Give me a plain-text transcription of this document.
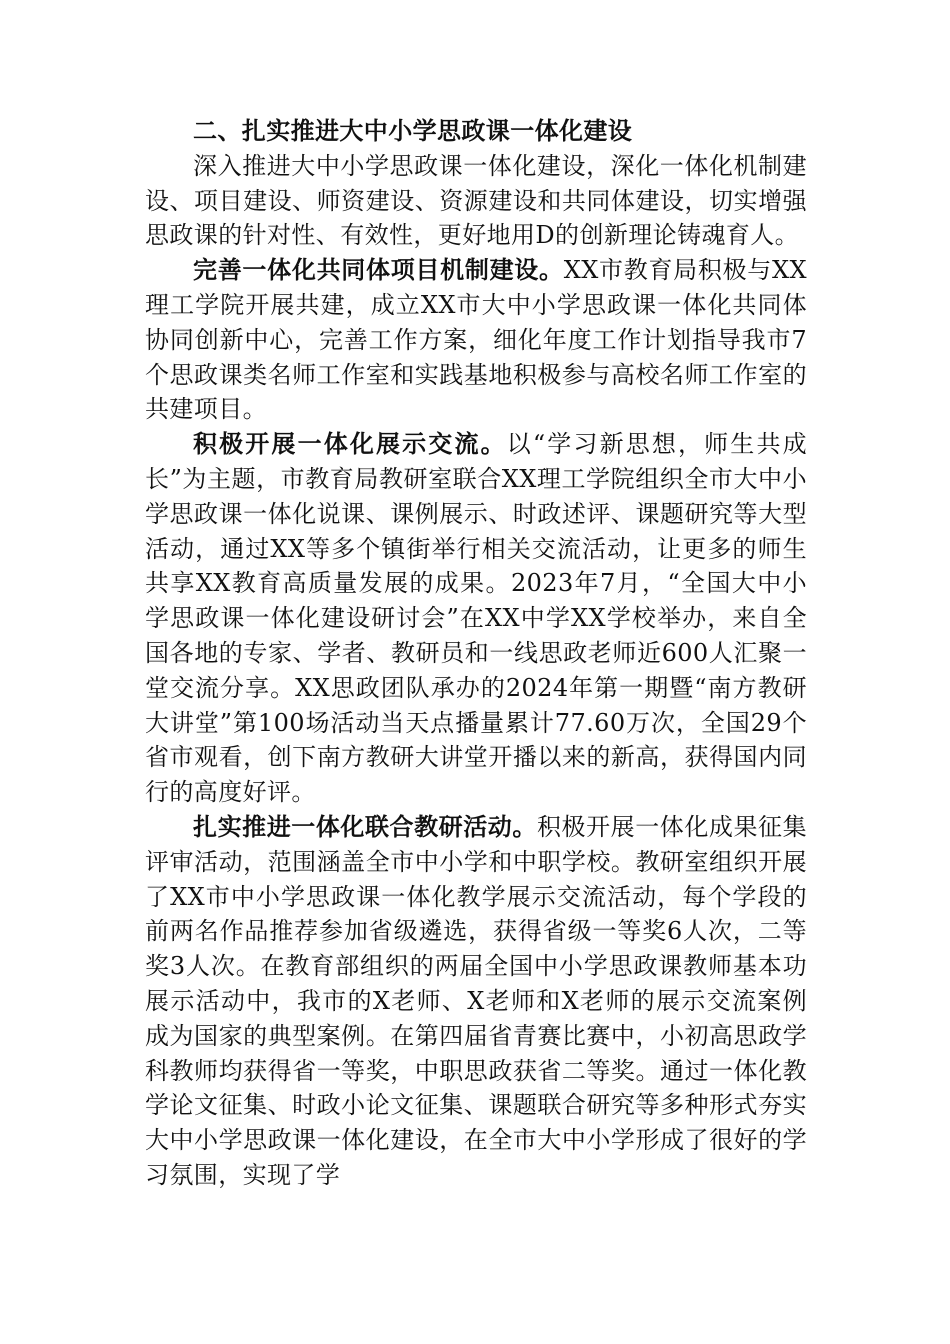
二、扎实推进大中小学思政课一体化建设

深入推进大中小学思政课一体化建设，深化一体化机制建设、项目建设、师资建设、资源建设和共同体建设，切实增强思政课的针对性、有效性，更好地用D的创新理论铸魂育人。

完善一体化共同体项目机制建设。XX市教育局积极与XX理工学院开展共建，成立XX市大中小学思政课一体化共同体协同创新中心，完善工作方案，细化年度工作计划指导我市7个思政课类名师工作室和实践基地积极参与高校名师工作室的共建项目。

积极开展一体化展示交流。以“学习新思想，师生共成长”为主题，市教育局教研室联合XX理工学院组织全市大中小学思政课一体化说课、课例展示、时政述评、课题研究等大型活动，通过XX等多个镇街举行相关交流活动，让更多的师生共享XX教育高质量发展的成果。2023年7月，“全国大中小学思政课一体化建设研讨会”在XX中学XX学校举办，来自全国各地的专家、学者、教研员和一线思政老师近600人汇聚一堂交流分享。XX思政团队承办的2024年第一期暨“南方教研大讲堂”第100场活动当天点播量累计77.60万次，全国29个省市观看，创下南方教研大讲堂开播以来的新高，获得国内同行的高度好评。

扎实推进一体化联合教研活动。积极开展一体化成果征集评审活动，范围涵盖全市中小学和中职学校。教研室组织开展了XX市中小学思政课一体化教学展示交流活动，每个学段的前两名作品推荐参加省级遴选，获得省级一等奖6人次，二等奖3人次。在教育部组织的两届全国中小学思政课教师基本功展示活动中，我市的X老师、X老师和X老师的展示交流案例成为国家的典型案例。在第四届省青赛比赛中，小初高思政学科教师均获得省一等奖，中职思政获省二等奖。通过一体化教学论文征集、时政小论文征集、课题联合研究等多种形式夯实大中小学思政课一体化建设，在全市大中小学形成了很好的学习氛围，实现了学
